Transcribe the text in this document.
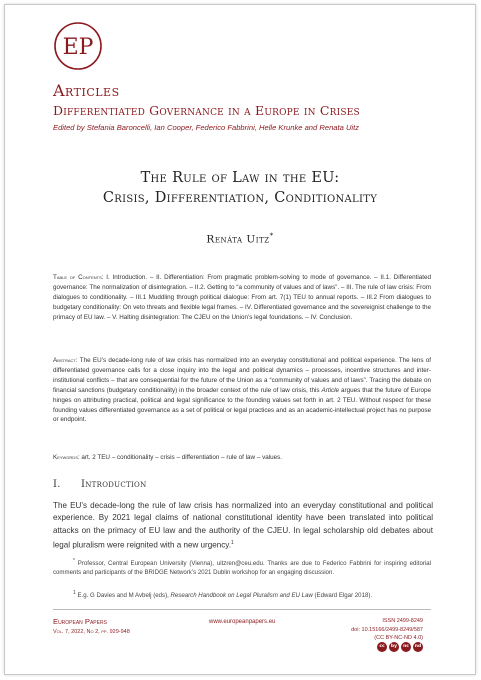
EP
Articles
Differentiated Governance in a Europe in Crises
Edited by Stefania Baroncelli, Ian Cooper, Federico Fabbrini, Helle Krunke and Renata Uitz
The Rule of Law in the EU:
Crisis, Differentiation, Conditionality
Renáta Uitz*
Table of Contents: I. Introduction. – II. Differentiation: From pragmatic problem-solving to mode of governance. – II.1. Differentiated governance: The normalization of disintegration. – II.2. Getting to “a community of values and of laws”. – III. The rule of law crisis: From dialogues to conditionality. – III.1 Muddling through political dialogue: From art. 7(1) TEU to annual reports. – III.2 From dialogues to budgetary conditionality: On veto threats and flexible legal frames. – IV. Differentiated governance and the sovereignist challenge to the primacy of EU law. – V. Halting disintegration: The CJEU on the Union’s legal foundations. – IV. Conclusion.
Abstract: The EU’s decade-long rule of law crisis has normalized into an everyday constitutional and political experience. The lens of differentiated governance calls for a close inquiry into the legal and political dynamics – processes, incentive structures and inter-institutional conflicts – that are consequential for the future of the Union as a “community of values and of laws”. Tracing the debate on financial sanctions (budgetary conditionality) in the broader context of the rule of law crisis, this Article argues that the future of Europe hinges on attributing practical, political and legal significance to the founding values set forth in art. 2 TEU. Without respect for these founding values differentiated governance as a set of political or legal practices and as an academic-intellectual project has no purpose or endpoint.
Keywords: art. 2 TEU – conditionality – crisis – differentiation – rule of law – values.
I. Introduction
The EU’s decade-long the rule of law crisis has normalized into an everyday constitutional and political experience. By 2021 legal claims of national constitutional identity have been translated into political attacks on the primacy of EU law and the authority of the CJEU. In legal scholarship old debates about legal pluralism were reignited with a new urgency.$^1$
* Professor, Central European University (Vienna), uitzren@ceu.edu. Thanks are due to Federico Fabbrini for inspiring editorial comments and participants of the BRIDGE Network’s 2021 Dublin workshop for an engaging discussion.
$^1$ E.g. G Davies and M Avbelj (eds), Research Handbook on Legal Pluralism and EU Law (Edward Elgar 2018).
European Papers
Vol. 7, 2022, No 2, pp. 929-948
www.europeanpapers.eu	ISSN 2499-8249
doi: 10.15166/2499-8249/587
(CC BY-NC-ND 4.0)
cc	by	nc	nd
